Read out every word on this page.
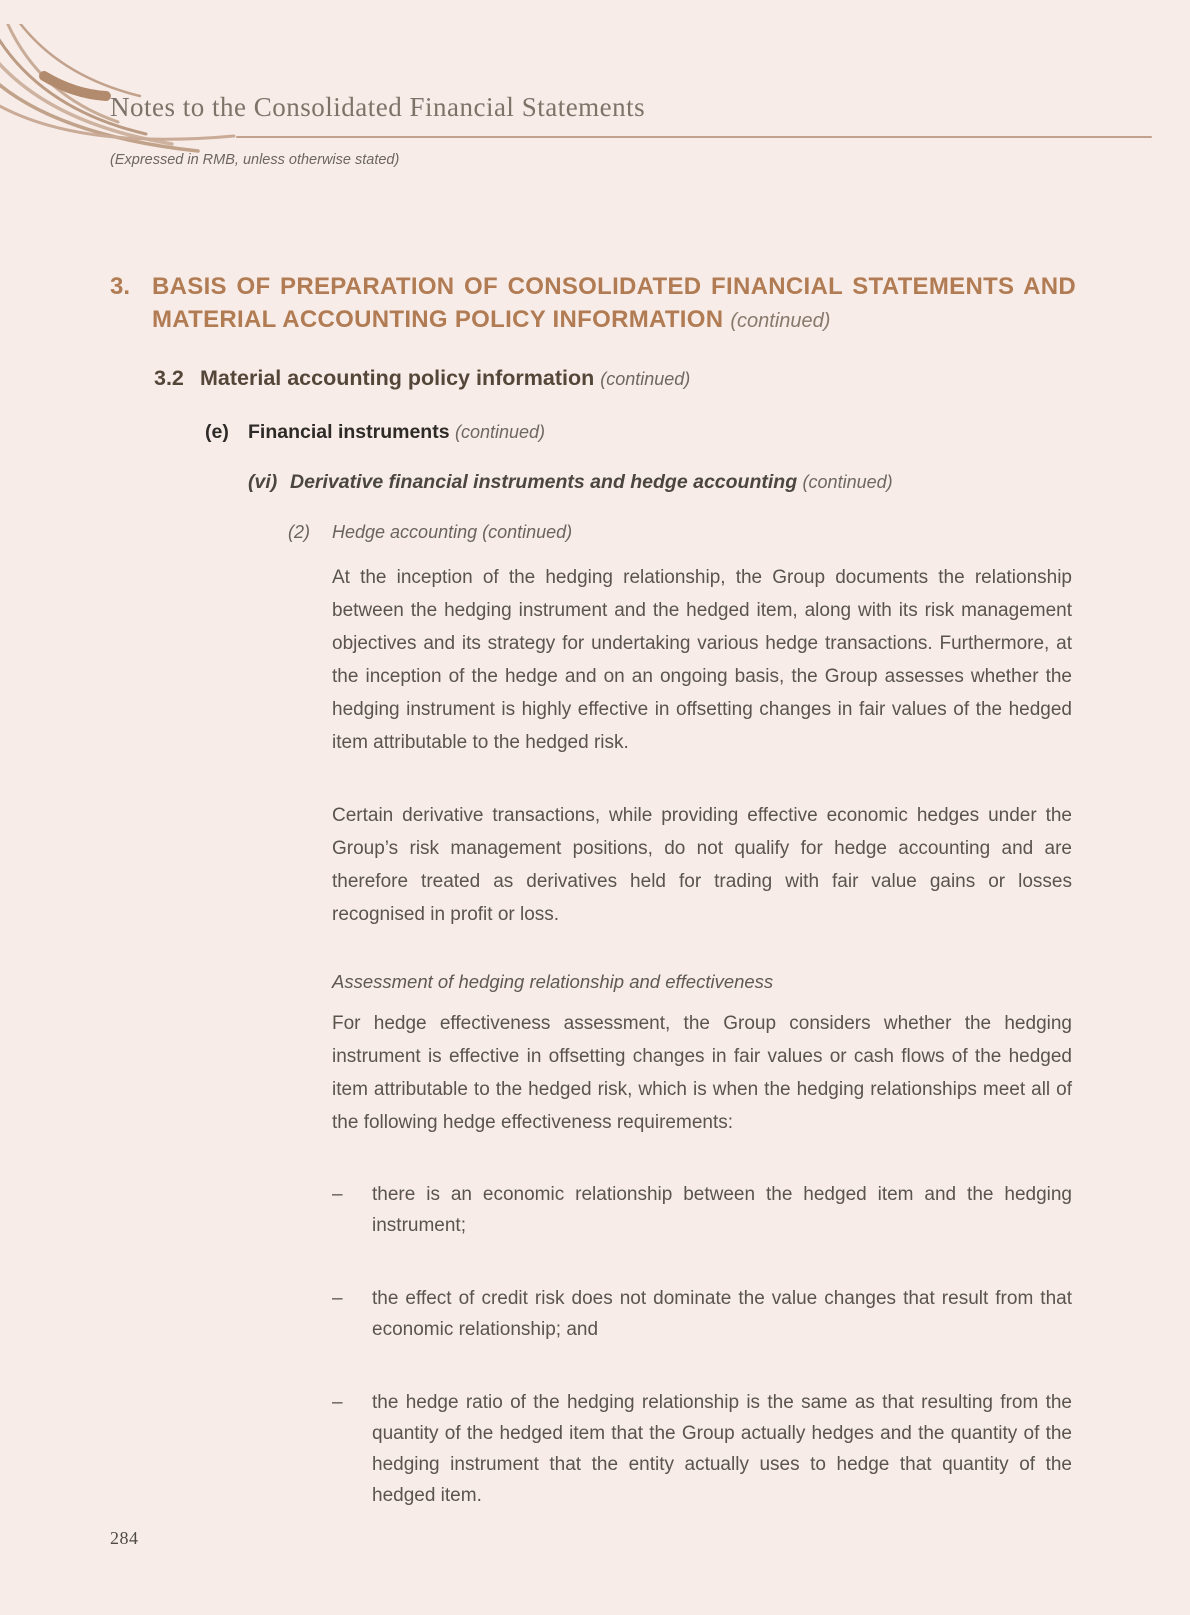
Notes to the Consolidated Financial Statements
(Expressed in RMB, unless otherwise stated)
3. BASIS OF PREPARATION OF CONSOLIDATED FINANCIAL STATEMENTS AND MATERIAL ACCOUNTING POLICY INFORMATION (continued)
3.2 Material accounting policy information (continued)
(e) Financial instruments (continued)
(vi) Derivative financial instruments and hedge accounting (continued)
(2)	Hedge accounting (continued)
At the inception of the hedging relationship, the Group documents the relationship between the hedging instrument and the hedged item, along with its risk management objectives and its strategy for undertaking various hedge transactions. Furthermore, at the inception of the hedge and on an ongoing basis, the Group assesses whether the hedging instrument is highly effective in offsetting changes in fair values of the hedged item attributable to the hedged risk.
Certain derivative transactions, while providing effective economic hedges under the Group’s risk management positions, do not qualify for hedge accounting and are therefore treated as derivatives held for trading with fair value gains or losses recognised in profit or loss.
Assessment of hedging relationship and effectiveness
For hedge effectiveness assessment, the Group considers whether the hedging instrument is effective in offsetting changes in fair values or cash flows of the hedged item attributable to the hedged risk, which is when the hedging relationships meet all of the following hedge effectiveness requirements:
–	there is an economic relationship between the hedged item and the hedging instrument;
–	the effect of credit risk does not dominate the value changes that result from that economic relationship; and
–	the hedge ratio of the hedging relationship is the same as that resulting from the quantity of the hedged item that the Group actually hedges and the quantity of the hedging instrument that the entity actually uses to hedge that quantity of the hedged item.
284
